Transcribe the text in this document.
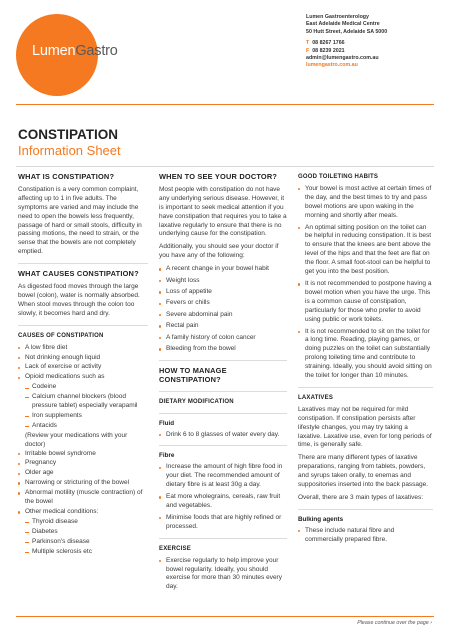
LumenGastro
Lumen Gastroenterology
East Adelaide Medical Centre
50 Hutt Street, Adelaide SA 5000
T 08 8267 1766
F 08 8239 2021
admin@lumengastro.com.au
lumengastro.com.au
CONSTIPATION
Information Sheet
WHAT IS CONSTIPATION?

Constipation is a very common complaint, affecting up to 1 in five adults. The symptoms are varied and may include the need to open the bowels less frequently, passage of hard or small stools, difficulty in passing motions, the need to strain, or the sense that the bowels are not completely emptied.

WHAT CAUSES CONSTIPATION?

As digested food moves through the large bowel (colon), water is normally absorbed. When stool moves through the colon too slowly, it becomes hard and dry.

CAUSES OF CONSTIPATION
A low fibre diet
Not drinking enough liquid
Lack of exercise or activity
Opioid medications such as
Codeine
Calcium channel blockers (blood pressure tablet) especially verapamil
Iron supplements
Antacids

(Review your medications with your doctor)

Irritable bowel syndrome
Pregnancy
Older age
Narrowing or stricturing of the bowel
Abnormal motility (muscle contraction) of the bowel
Other medical conditions:
Thyroid disease
Diabetes
Parkinson's disease
Multiple sclerosis etc
WHEN TO SEE YOUR DOCTOR?

Most people with constipation do not have any underlying serious disease. However, it is important to seek medical attention if you have constipation that requires you to take a laxative regularly to ensure that there is no underlying cause for the constipation.

Additionally, you should see your doctor if you have any of the following:

A recent change in your bowel habit
Weight loss
Loss of appetite
Fevers or chills
Severe abdominal pain
Rectal pain
A family history of colon cancer
Bleeding from the bowel
HOW TO MANAGE CONSTIPATION?
DIETARY MODIFICATION
Fluid
Drink 6 to 8 glasses of water every day.
Fibre
Increase the amount of high fibre food in your diet. The recommended amount of dietary fibre is at least 30g a day.
Eat more wholegrains, cereals, raw fruit and vegetables.
Minimise foods that are highly refined or processed.
EXERCISE
Exercise regularly to help improve your bowel regularity. Ideally, you should exercise for more than 30 minutes every day.
GOOD TOILETING HABITS
Your bowel is most active at certain times of the day, and the best times to try and pass bowel motions are upon waking in the morning and shortly after meals.
An optimal sitting position on the toilet can be helpful in reducing constipation. It is best to ensure that the knees are bent above the level of the hips and that the feet are flat on the floor. A small foot-stool can be helpful to get you into the best position.
It is not recommended to postpone having a bowel motion when you have the urge. This is a common cause of constipation, particularly for those who prefer to avoid using public or work toilets.
It is not recommended to sit on the toilet for a long time. Reading, playing games, or doing puzzles on the toilet can substantially prolong toileting time and contribute to straining. Ideally, you should avoid sitting on the toilet for longer than 10 minutes.
LAXATIVES

Laxatives may not be required for mild constipation. If constipation persists after lifestyle changes, you may try taking a laxative. Laxative use, even for long periods of time, is generally safe.

There are many different types of laxative preparations, ranging from tablets, powders, and syrups taken orally, to enemas and suppositories inserted into the back passage.

Overall, there are 3 main types of laxatives:

Bulking agents
These include natural fibre and commercially prepared fibre.
Please continue over the page ›
